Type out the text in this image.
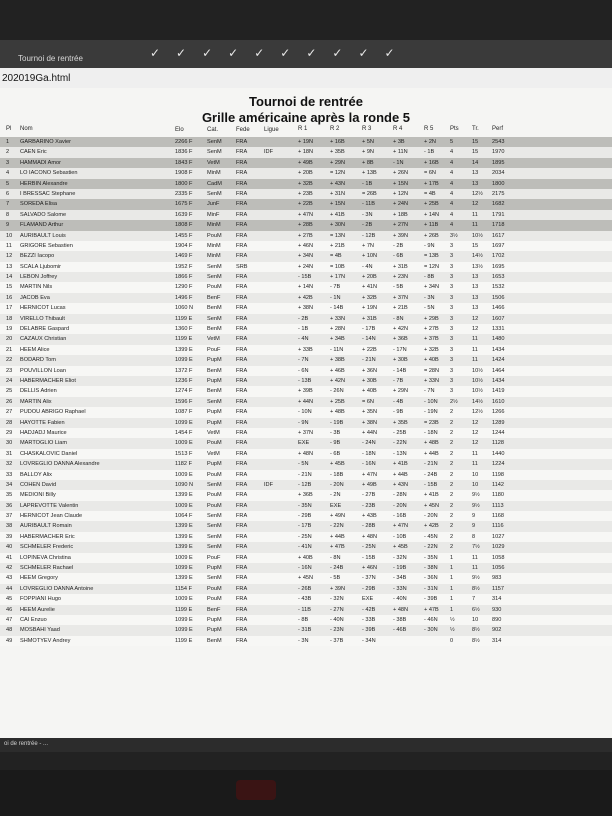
✓✓✓✓✓✓✓✓✓✓
Tournoi de rentrée
202019Ga.html
Tournoi de rentrée
Grille américaine après la ronde 5
Pl Nom	Elo	Cat.	Fede Ligue	R 1	R 2	R 3	R 4	R 5	Pts Tr. Perf
1 GARBARINO Xavier	2266 F	SenM	FRA	+ 19N	+ 16B	+ 5N	+ 3B	+ 2N	5	15 2543
2 CAEN Eric	1836 F	SenM	FRA	IDF	+ 18N	+ 35B	+ 9N	+ 11N	- 1B	4	15 1970
3 HAMMADI Amor	1843 F	VetM	FRA	+ 49B	+ 29N	+ 8B	- 1N	+ 16B 4	14 1895
4 LO IACONO Sebastien	1908 F	MinM	FRA	+ 20B	= 12N	+ 13B	+ 26N	= 6N	4	13 2034
5 HERBIN Alexandre	1800 F	CadM	FRA	+ 32B	+ 43N	- 1B	+ 15N	+ 17B 4	13 1800
6 I BRESSAC Stephane	2335 F	SenM	FRA	+ 23B	+ 31N	= 26B	+ 12N	= 4B	4	12½ 2175
7 SOREDA Elisa	1675 F	JunF	FRA	+ 22B	+ 15N	- 11B	+ 24N	+ 25B 4	12 1682
8 SALVADO Salome	1639 F	MinF	FRA	+ 47N	+ 41B	- 3N	+ 18B	+ 14N 4	11	1791
9 FLAMAND Arthur	1808 F	MinM	FRA	+ 28B	+ 30N	- 2B	+ 27N	+ 11B 4	11	1718
10 AURIBAULT Louis	1455 F	PouM	FRA	+ 27B	= 13N	- 12B	+ 39N	+ 26B 3½	10½ 1617
11 GRIGORE Sebastien	1904 F	MinM	FRA	+ 46N	+ 21B	+ 7N	- 2B	- 9N	3	15 1697
12 BEZZI Iacopo	1469 F	MinM	FRA	+ 34N	= 4B	+ 10N	- 6B	= 13B 3	14½ 1702
13 SCALA Ljubomir	1952 F	SenM	SRB	+ 24N	= 10B	- 4N	+ 31B	= 12N 3	13½ 1695
14 LEBON Joffrey	1866 F	SenM	FRA	- 15B	+ 17N	+ 20B	+ 23N	- 8B	3	13 1653
15 MARTIN Nils	1290 F	PouM	FRA	+ 14N	- 7B	+ 41N	- 5B	+ 34N 3	13 1532
16 JACOB Eva	1496 F	BenF	FRA	+ 42B	- 1N	+ 32B	+ 37N	- 3N	3	13 1506
17 HERNICOT Lucas	1060 N BenM	FRA	+ 38N	- 14B	+ 19N	+ 21B	- 5N	3	13 1466
18 VIRELLO Thibault	1199 E	SenM	FRA	- 2B	+ 33N	+ 31B	- 8N	+ 29B 3	12 1607
19 DELABRE Gaspard	1360 F	BenM	FRA	- 1B	+ 28N	- 17B	+ 42N	+ 27B 3	12 1331
20 CAZAUX Christian	1199 E	VetM	FRA	- 4N	+ 34B	- 14N	+ 36B	+ 37B 3	11	1480
21 HEEM Alice	1399 E	PouF	FRA	+ 33B	- 11N	+ 22B	- 17N	+ 32B 3	11	1434
22 BODARD Tom	1099 E	PupM	FRA	- 7N	+ 38B	- 21N	+ 30B	+ 40B 3	11	1424
23 POUVILLON Loan	1372 F	BenM	FRA	- 6N	+ 46B	+ 36N	- 14B	= 28N 3	10½ 1464
24 HABERMACHER Eliot	1236 F	PupM	FRA	- 13B	+ 42N	+ 30B	- 7B	+ 33N 3	10½ 1434
25 DELLIS Adrien	1274 F	BenM	FRA	+ 39B	- 26N	+ 40B	+ 29N	- 7N	3	10½ 1419
26 MARTIN Alix	1596 F	SenM	FRA	+ 44N	+ 25B	= 6N	- 4B	- 10N 2½	14½ 1610
27 PUDOU ABRIGO Raphael	1087 F	PupM	FRA	- 10N	+ 48B	+ 35N	- 9B	- 19N 2	12½ 1266
28 HAYOTTE Fabien	1099 E	PupM	FRA	- 9N	- 19B	+ 38N	+ 35B	= 23B 2	12 1289
29 HADJADJ Maurice	1454 F	VetM	FRA	+ 37N	- 3B	+ 44N	- 25B	- 18N 2	12 1244
30 MARTOGLIO Liam	1009 E	PouM	FRA	EXE	- 9B	- 24N	- 22N	+ 48B 2	12 1128
31 CHASKALOVIC Daniel	1513 F	VetM	FRA	+ 48N	- 6B	- 18N	- 13N	+ 44B 2	11	1440
32 LOVREGLIO DANNA Alexandre	1182 F	PupM	FRA	- 5N	+ 45B	- 16N	+ 41B	- 21N 2	11	1224
33 BALLOY Alix	1009 E	PouM	FRA	- 21N	- 18B	+ 47N	+ 44B	- 24B 2	10 1198
34 COHEN David	1090 N SenM	FRA	IDF	- 12B	- 20N	+ 49B	+ 43N	- 15B 2	10 1142
35 MEDIONI Billy	1399 E	PouM	FRA	+ 36B	- 2N	- 27B	- 28N	+ 41B 2	9½ 1180
36 LAPREVOTTE Valentin	1009 E	PouM	FRA	- 35N	EXE	- 23B	- 20N	+ 45N 2	9½ 1113
37 HERNICOT Jean Claude	1064 F	SenM	FRA	- 29B	+ 49N	+ 43B	- 16B	- 20N 2	9	1168
38 AURIBAULT Romain	1399 E	SenM	FRA	- 17B	- 22N	- 28B	+ 47N	+ 42B 2	9	1116
39 HABERMACHER Eric	1399 E	SenM	FRA	- 25N	+ 44B	+ 48N	- 10B	- 45N 2	8	1027
40 SCHMELER Frederic	1399 E	SenM	FRA	- 41N	+ 47B	- 25N	+ 45B	- 22N 2	7½ 1029
41 LOPINEVA Christina	1009 E	PouF	FRA	+ 40B	- 8N	- 15B	- 32N	- 35N 1	11	1058
42 SCHMELER Rachael	1099 E	PupM	FRA	- 16N	- 24B	+ 46N	- 19B	- 38N 1	11	1056
43 HEEM Gregory	1399 E	SenM	FRA	+ 45N	- 5B	- 37N	- 34B	- 36N 1	9½ 983
44 LOVREGLIO DANNA Antoine	1154 F	PouM	FRA	- 26B	+ 39N	- 29B	- 33N	- 31N 1	8½ 1157
45 FOPPIANI Hugo	1009 E	PouM	FRA	- 43B	- 32N	EXE	- 40N	- 39B 1	7	314
46 HEEM Aurelie	1199 E	BenF	FRA	- 11B	- 27N	- 42B	+ 48N	+ 47B 1	6½ 930
47 CAI Enzuo	1099 E	PupM	FRA	- 8B	- 40N	- 33B	- 38B	- 46N ½	10 890
48 MOSBAHI Yaad	1099 E	PupM	FRA	- 31B	- 23N	- 39B	- 46B	- 30N ½	8½ 902
49 SHMOTYEV Andrey	1199 E	BenM	FRA	- 3N	- 37B	- 34N	0	8½ 314
oi de rentrée - ...
